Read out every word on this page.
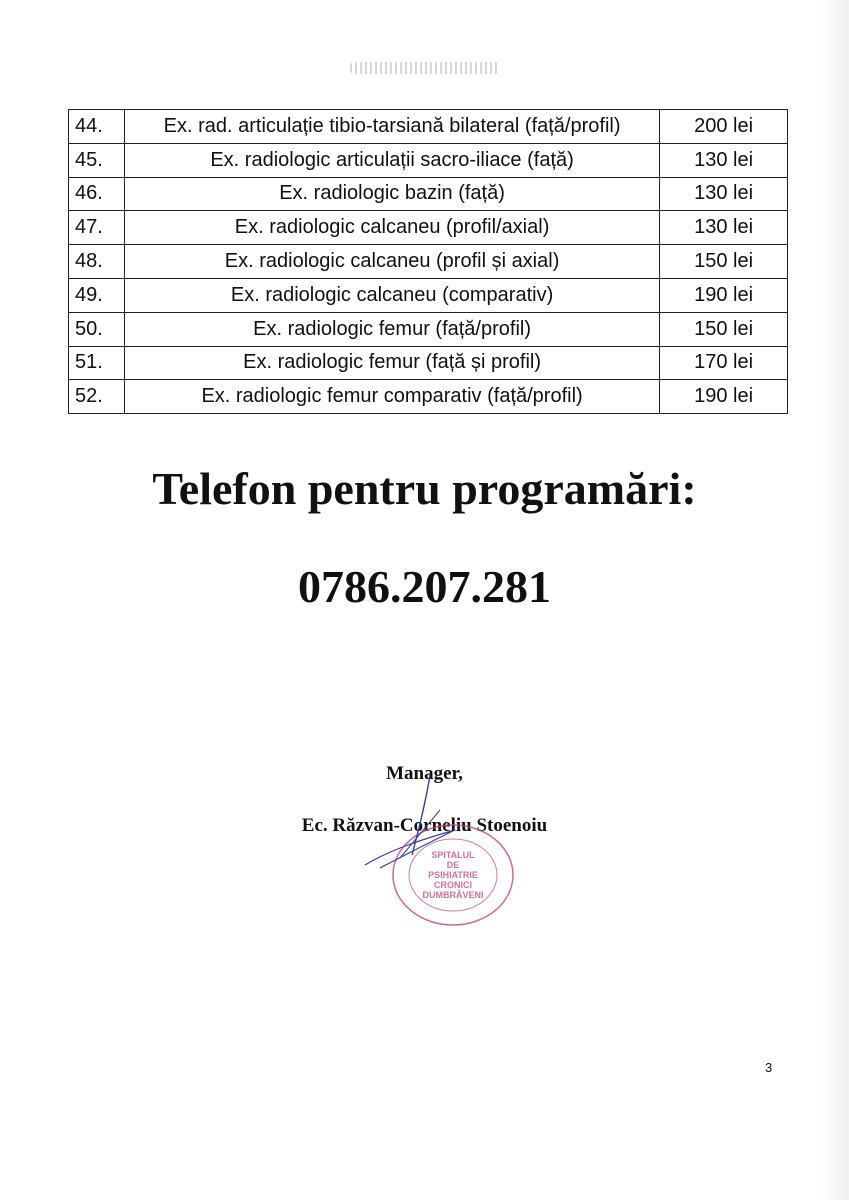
44.	Ex. rad. articulație tibio-tarsiană bilateral (față/profil)	200 lei
45.	Ex. radiologic articulații sacro-iliace (față)	130 lei
46.	Ex. radiologic bazin (față)	130 lei
47.	Ex. radiologic calcaneu (profil/axial)	130 lei
48.	Ex. radiologic calcaneu (profil și axial)	150 lei
49.	Ex. radiologic calcaneu (comparativ)	190 lei
50.	Ex. radiologic femur (față/profil)	150 lei
51.	Ex. radiologic femur (față și profil)	170 lei
52.	Ex. radiologic femur comparativ (față/profil)	190 lei
Telefon pentru programări:
0786.207.281
Manager,
Ec. Răzvan-Corneliu Stoenoiu
SPITALUL
DE
PSIHIATRIE
CRONICI
DUMBRĂVENI
3
